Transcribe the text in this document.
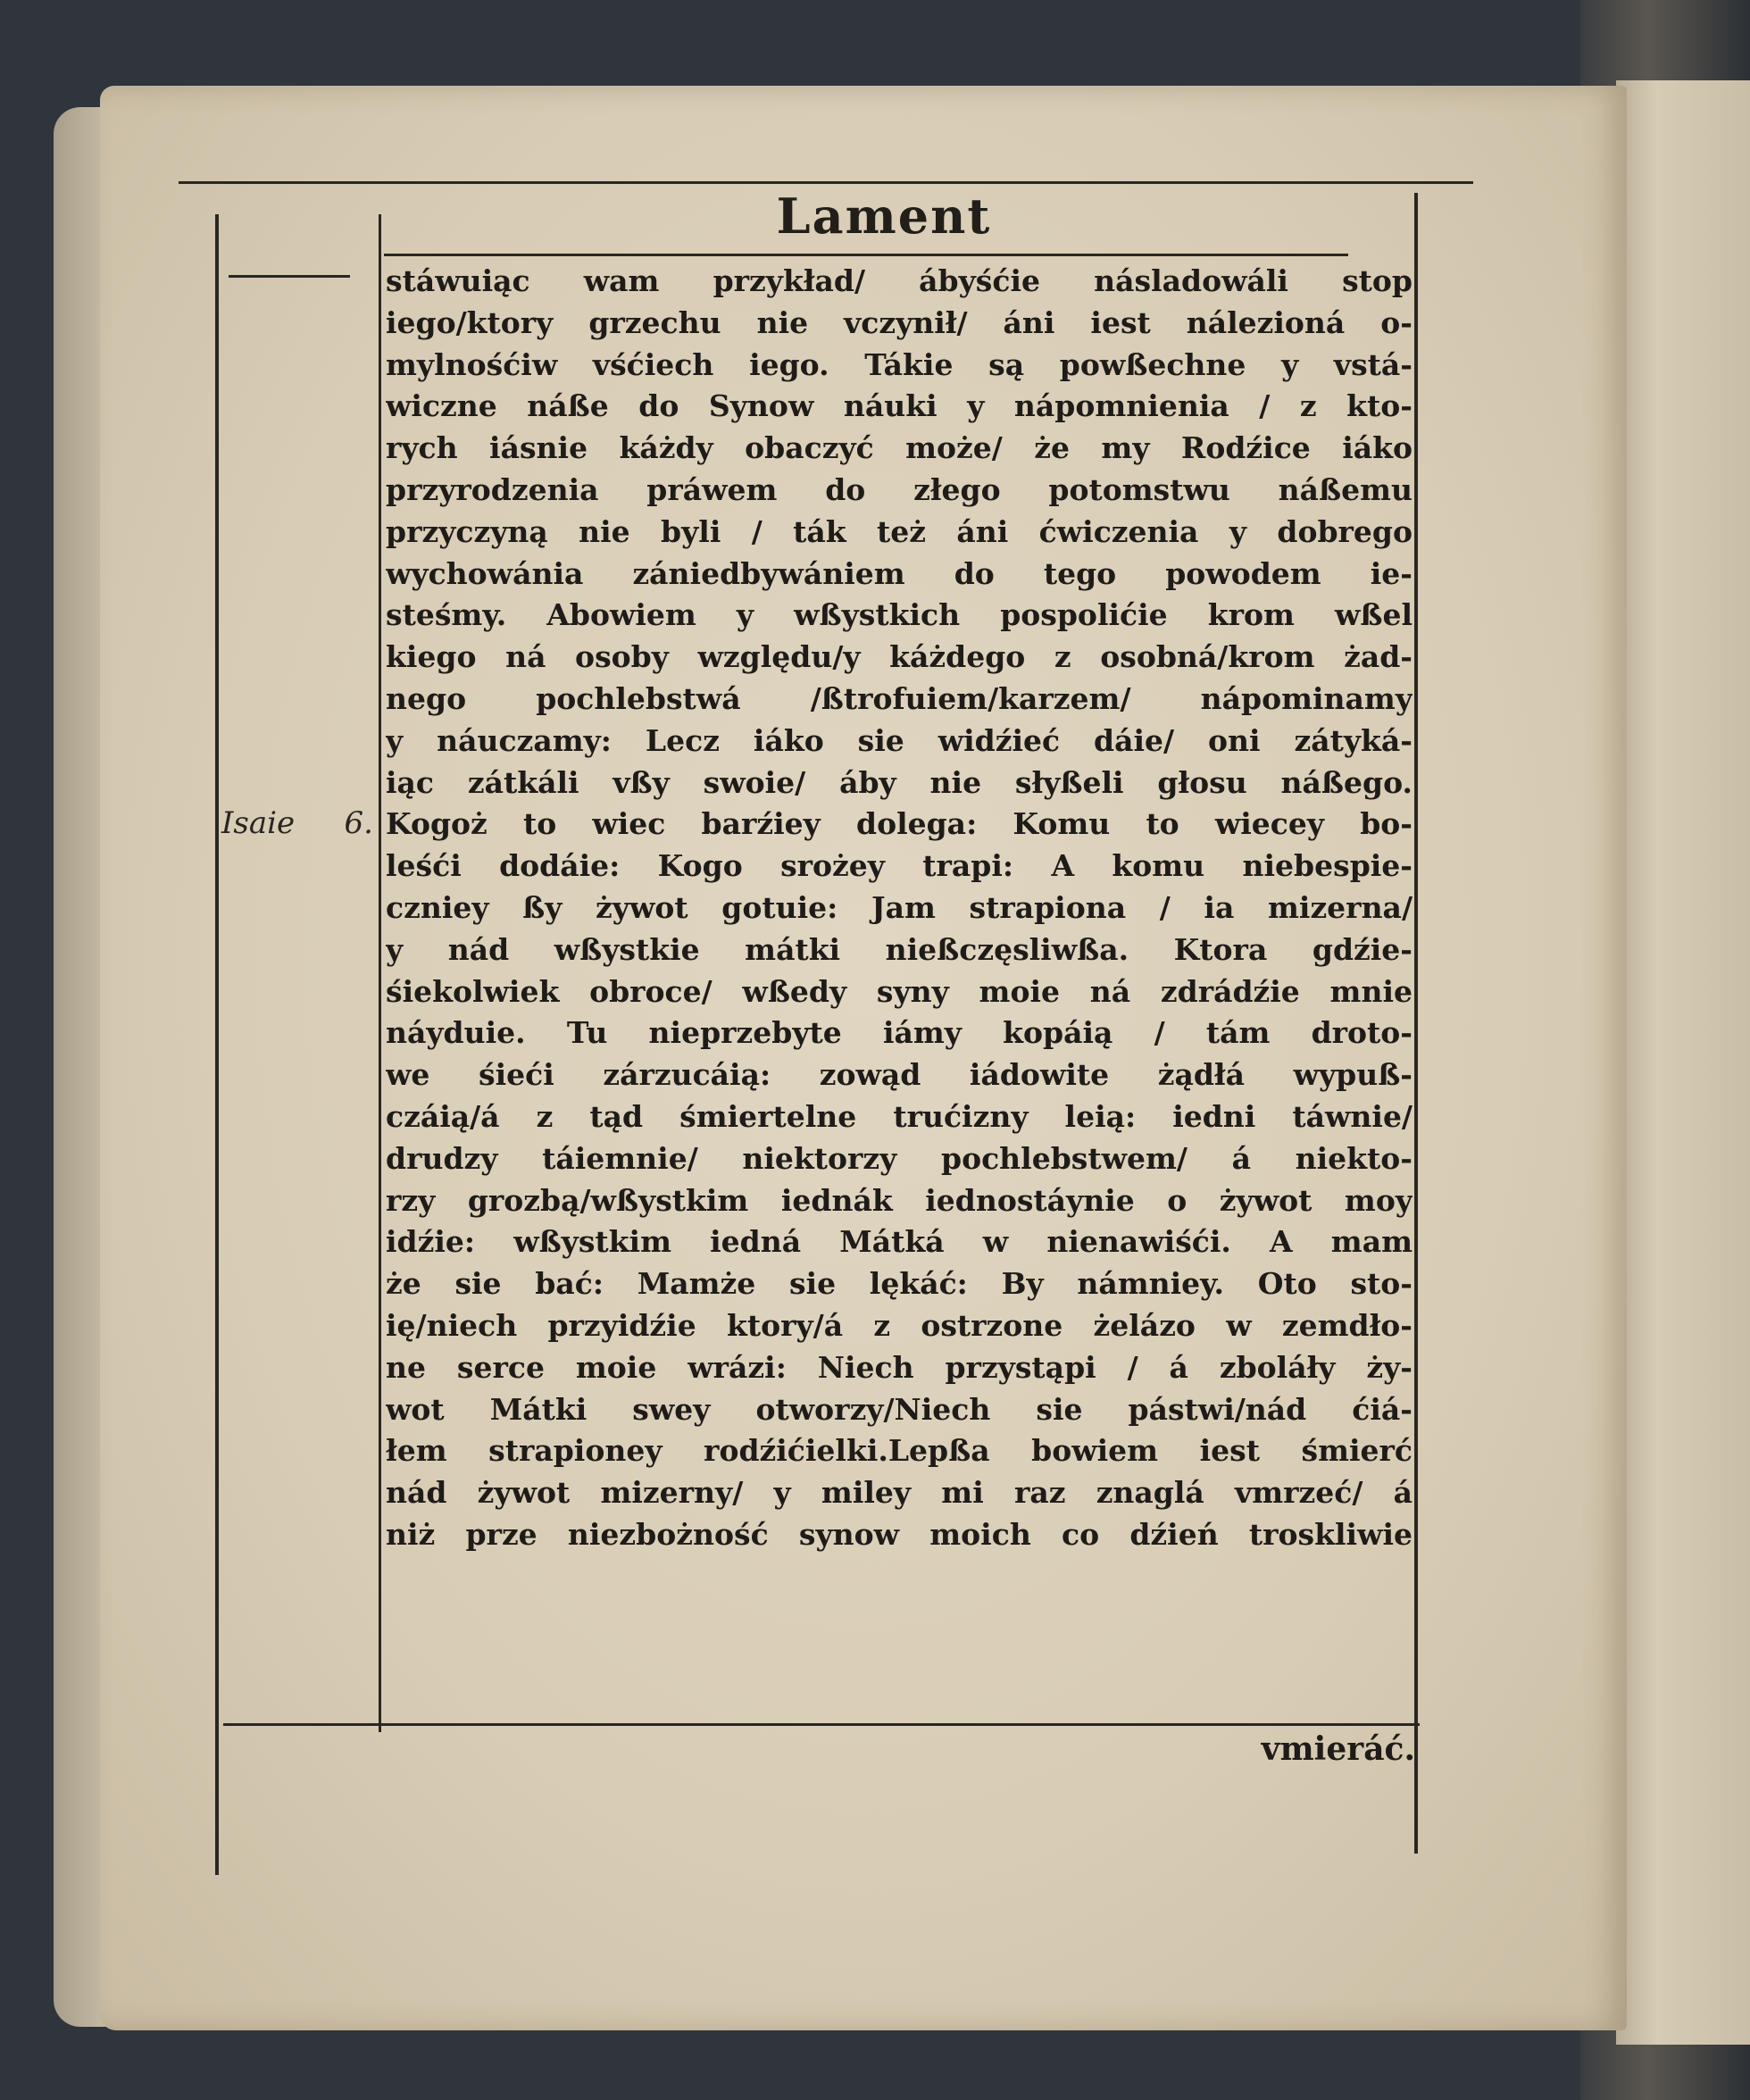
Lament
Isaie 6.
stáwuiąc wam przykład/ ábyśćie násladowáli stop
iego/ktory grzechu nie vczynił/ áni iest nálezioná o-
mylnośćiw vśćiech iego. Tákie są powßechne y vstá-
wiczne náße do Synow náuki y nápomnienia / z kto-
rych iásnie káżdy obaczyć może/ że my Rodźice iáko
przyrodzenia práwem do złego potomstwu náßemu
przyczyną nie byli / ták też áni ćwiczenia y dobrego
wychowánia zániedbywániem do tego powodem ie-
steśmy. Abowiem y wßystkich pospolićie krom wßel
kiego ná osoby względu/y káżdego z osobná/krom żad-
nego pochlebstwá /ßtrofuiem/karzem/ nápominamy
y náuczamy: Lecz iáko sie widźieć dáie/ oni zátyká-
iąc zátkáli vßy swoie/ áby nie słyßeli głosu náßego.
Kogoż to wiec barźiey dolega: Komu to wiecey bo-
leśći dodáie: Kogo srożey trapi: A komu niebespie-
czniey ßy żywot gotuie: Jam strapiona / ia mizerna/
y nád wßystkie mátki nießczęsliwßa. Ktora gdźie-
śiekolwiek obroce/ wßedy syny moie ná zdrádźie mnie
náyduie. Tu nieprzebyte iámy kopáią / tám droto-
we śieći zárzucáią: zowąd iádowite żądłá wypuß-
czáią/á z tąd śmiertelne trućizny leią: iedni táwnie/
drudzy táiemnie/ niektorzy pochlebstwem/ á niekto-
rzy grozbą/wßystkim iednák iednostáynie o żywot moy
idźie: wßystkim iedná Mátká w nienawiśći. A mam
że sie bać: Mamże sie lękáć: By námniey. Oto sto-
ię/niech przyidźie ktory/á z ostrzone żelázo w zemdło-
ne serce moie wrázi: Niech przystąpi / á zboláły ży-
wot Mátki swey otworzy/Niech sie pástwi/nád ćiá-
łem strapioney rodźićielki.Lepßa bowiem iest śmierć
nád żywot mizerny/ y miley mi raz znaglá vmrzeć/ á
niż prze niezbożność synow moich co dźień troskliwie
vmieráć.
